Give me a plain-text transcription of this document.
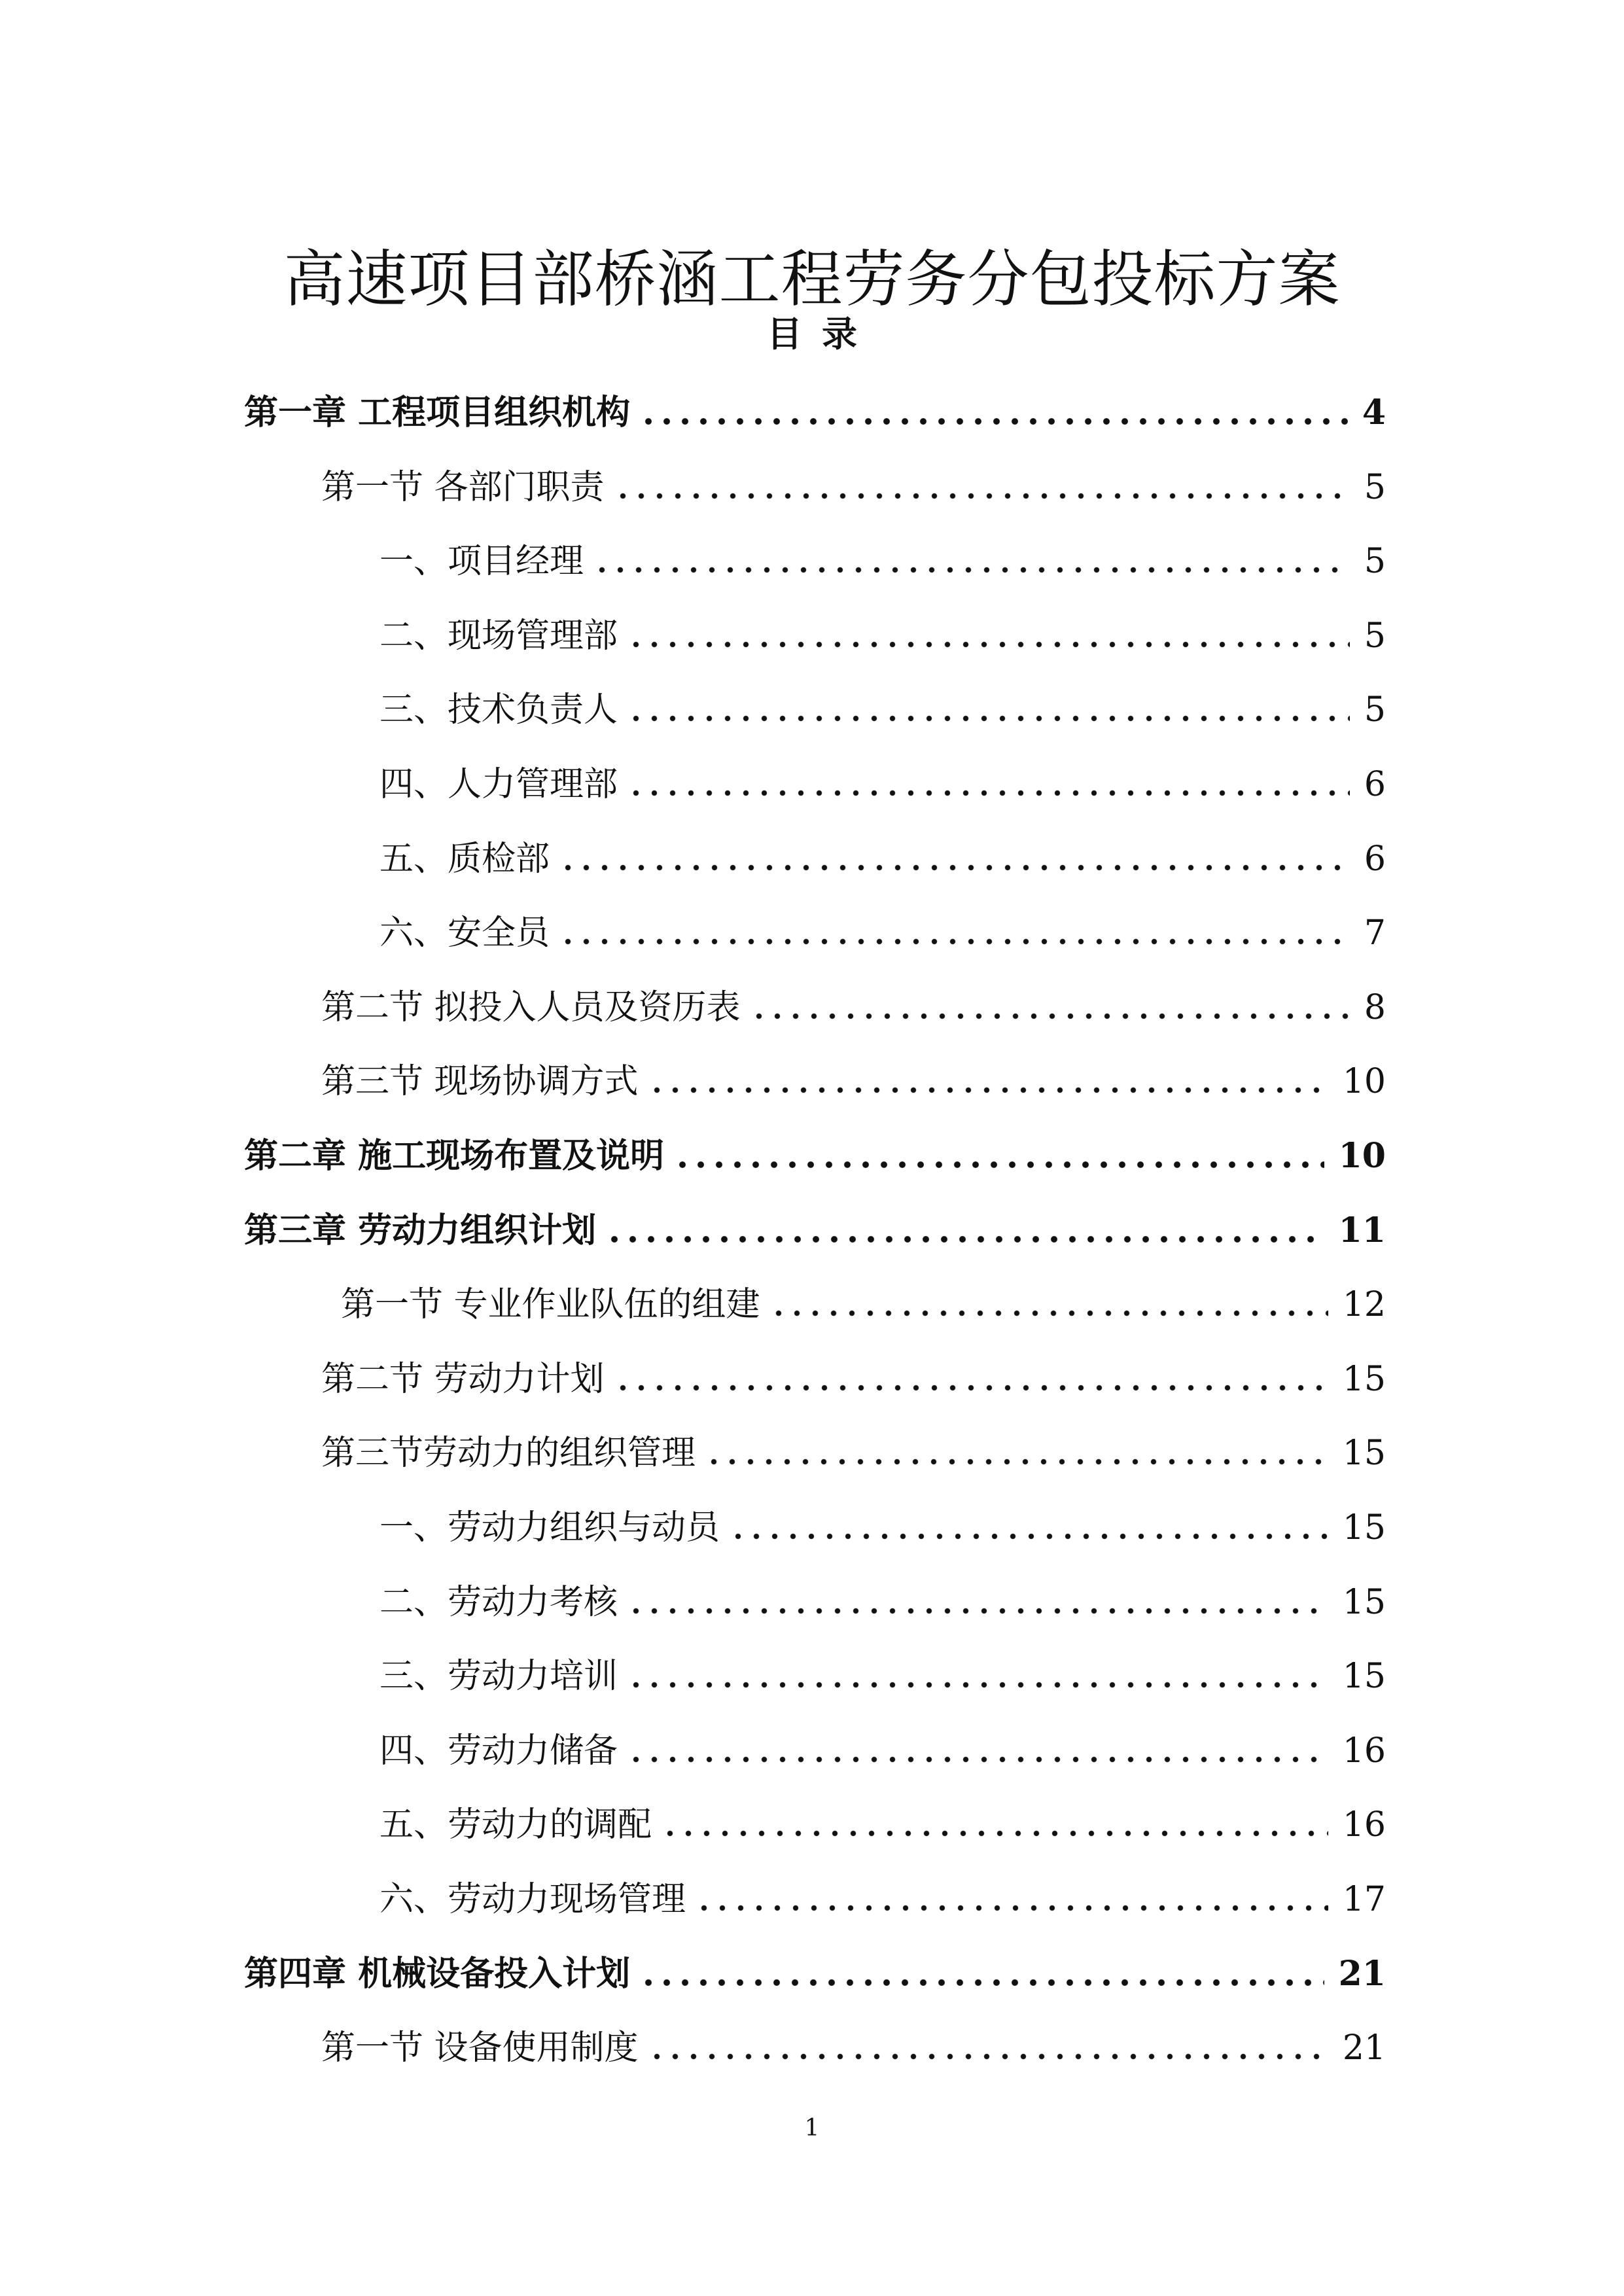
高速项目部桥涵工程劳务分包投标方案
目录
第一章 工程项目组织机构	4
第一节 各部门职责	5
一、项目经理	5
二、现场管理部	5
三、技术负责人	5
四、人力管理部	6
五、质检部	6
六、安全员	7
第二节 拟投入人员及资历表	8
第三节 现场协调方式	10
第二章 施工现场布置及说明	10
第三章 劳动力组织计划	11
第一节 专业作业队伍的组建	12
第二节 劳动力计划	15
第三节劳动力的组织管理	15
一、劳动力组织与动员	15
二、劳动力考核	15
三、劳动力培训	15
四、劳动力储备	16
五、劳动力的调配	16
六、劳动力现场管理	17
第四章 机械设备投入计划	21
第一节 设备使用制度	21
1
